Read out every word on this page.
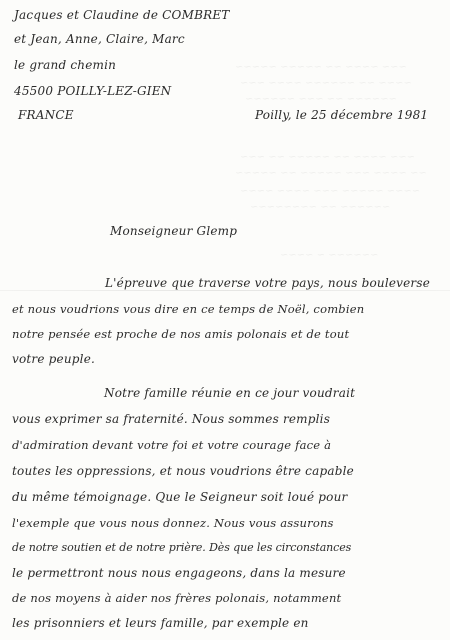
~~~ ~~~~ ~~ ~~~~~ ~~~~~
~~~~ ~~ ~~~~~~ ~~~~ ~~~
~~~~~~ ~~ ~~~ ~~~~~~
~~~ ~~~~ ~~ ~~~~~ ~~ ~~~
~~ ~~~~ ~~~ ~~~~~ ~~ ~~~~~
~~~~ ~~~~~ ~~~ ~~~~ ~~~~
~~~~~~ ~~ ~~~~~~~~
~~~~~~ ~ ~~~~
Jacques et Claudine de COMBRET
et Jean, Anne, Claire, Marc
le grand chemin
45500 POILLY-LEZ-GIEN
FRANCE	Poilly, le 25 décembre 1981
Monseigneur Glemp
L'épreuve que traverse votre pays, nous bouleverse
et nous voudrions vous dire en ce temps de Noël, combien
notre pensée est proche de nos amis polonais et de tout
votre peuple.
Notre famille réunie en ce jour voudrait
vous exprimer sa fraternité. Nous sommes remplis
d'admiration devant votre foi et votre courage face à
toutes les oppressions, et nous voudrions être capable
du même témoignage. Que le Seigneur soit loué pour
l'exemple que vous nous donnez. Nous vous assurons
de notre soutien et de notre prière. Dès que les circonstances
le permettront nous nous engageons, dans la mesure
de nos moyens à aider nos frères polonais, notamment
les prisonniers et leurs famille, par exemple en
